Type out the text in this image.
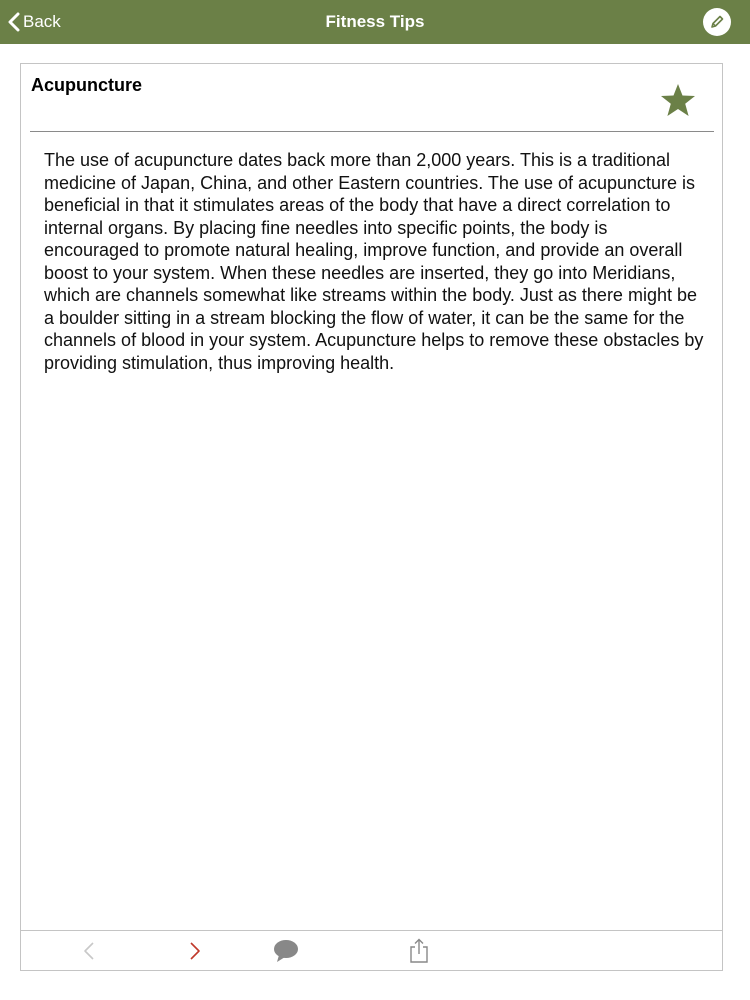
Back	Fitness Tips
Acupuncture
The use of acupuncture dates back more than 2,000 years. This is a traditional medicine of Japan, China, and other Eastern countries. The use of acupuncture is beneficial in that it stimulates areas of the body that have a direct correlation to internal organs. By placing fine needles into specific points, the body is encouraged to promote natural healing, improve function, and provide an overall boost to your system. When these needles are inserted, they go into Meridians, which are channels somewhat like streams within the body. Just as there might be a boulder sitting in a stream blocking the flow of water, it can be the same for the channels of blood in your system. Acupuncture helps to remove these obstacles by providing stimulation, thus improving health.
